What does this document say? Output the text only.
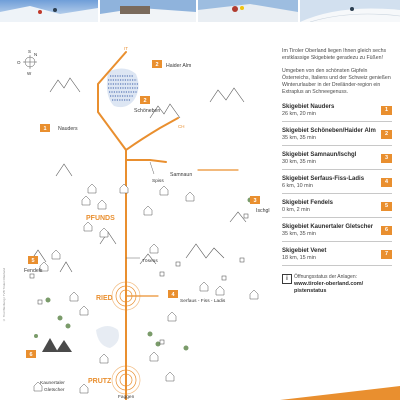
N
S
O
W
2
2
1
3
5
4
6
IT
CH
Haider Alm
Schöneben
Nauders
Spiss
Samnaun
Ischgl
PFUNDS
Tösens
Fendels
RIED	Serfaus - Fiss - Ladis
PRUTZ
Kaunertaler
Gletscher
Faggen
© Tirol Werbung / TVB Tiroler Oberland

Im Tiroler Oberland liegen Ihnen gleich sechs erstklassige Skigebiete geradezu zu Füßen!

Umgeben von den schönsten Gipfeln Österreichs, Italiens und der Schweiz genießen Winterurlauber in der Dreiländer-region ein Extraplus an Schneegenuss.

Skigebiet Nauders
26 km, 20 min
1
Skigebiet Schöneben/Haider Alm
35 km, 35 min
2
Skigebiet Samnaun/Ischgl
30 km, 35 min
3
Skigebiet Serfaus-Fiss-Ladis
6 km, 10 min
4
Skigebiet Fendels
0 km, 2 min
5
Skigebiet Kaunertaler Gletscher
35 km, 35 min
6
Skigebiet Venet
18 km, 15 min
7
i	Öffnungsstatus der Anlagen:
www.tiroler-oberland.com/
pistenstatus
